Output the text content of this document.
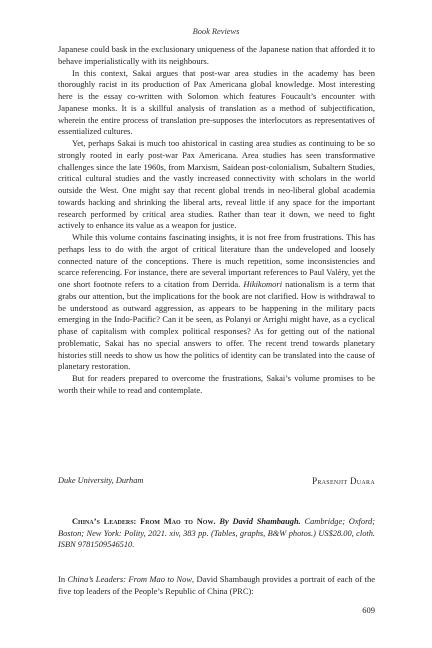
Book Reviews

Japanese could bask in the exclusionary uniqueness of the Japanese nation that afforded it to behave imperialistically with its neighbours.

In this context, Sakai argues that post-war area studies in the academy has been thoroughly racist in its production of Pax Americana global knowledge. Most interesting here is the essay co-written with Solomon which features Foucault’s encounter with Japanese monks. It is a skillful analysis of translation as a method of subjectification, wherein the entire process of translation pre-supposes the interlocutors as representatives of essentialized cultures.

Yet, perhaps Sakai is much too ahistorical in casting area studies as continuing to be so strongly rooted in early post-war Pax Americana. Area studies has seen transformative challenges since the late 1960s, from Marxism, Saidean post-colonialism, Subaltern Studies, critical cultural studies and the vastly increased connectivity with scholars in the world outside the West. One might say that recent global trends in neo-liberal global academia towards hacking and shrinking the liberal arts, reveal little if any space for the important research performed by critical area studies. Rather than tear it down, we need to fight actively to enhance its value as a weapon for justice.

While this volume contains fascinating insights, it is not free from frustrations. This has perhaps less to do with the argot of critical literature than the undeveloped and loosely connected nature of the conceptions. There is much repetition, some inconsistencies and scarce referencing. For instance, there are several important references to Paul Valéry, yet the one short footnote refers to a citation from Derrida. Hikikomori nationalism is a term that grabs our attention, but the implications for the book are not clarified. How is withdrawal to be understood as outward aggression, as appears to be happening in the military pacts emerging in the Indo-Pacific? Can it be seen, as Polanyi or Arrighi might have, as a cyclical phase of capitalism with complex political responses? As for getting out of the national problematic, Sakai has no special answers to offer. The recent trend towards planetary histories still needs to show us how the politics of identity can be translated into the cause of planetary restoration.

But for readers prepared to overcome the frustrations, Sakai’s volume promises to be worth their while to read and contemplate.

Duke University, Durham	Prasenjit Duara
China’s Leaders: From Mao to Now. By David Shambaugh. Cambridge; Oxford; Boston; New York: Polity, 2021. xiv, 383 pp. (Tables, graphs, B&W photos.) US$28.00, cloth. ISBN 9781509546510.
In China’s Leaders: From Mao to Now, David Shambaugh provides a portrait of each of the five top leaders of the People’s Republic of China (PRC):
609
